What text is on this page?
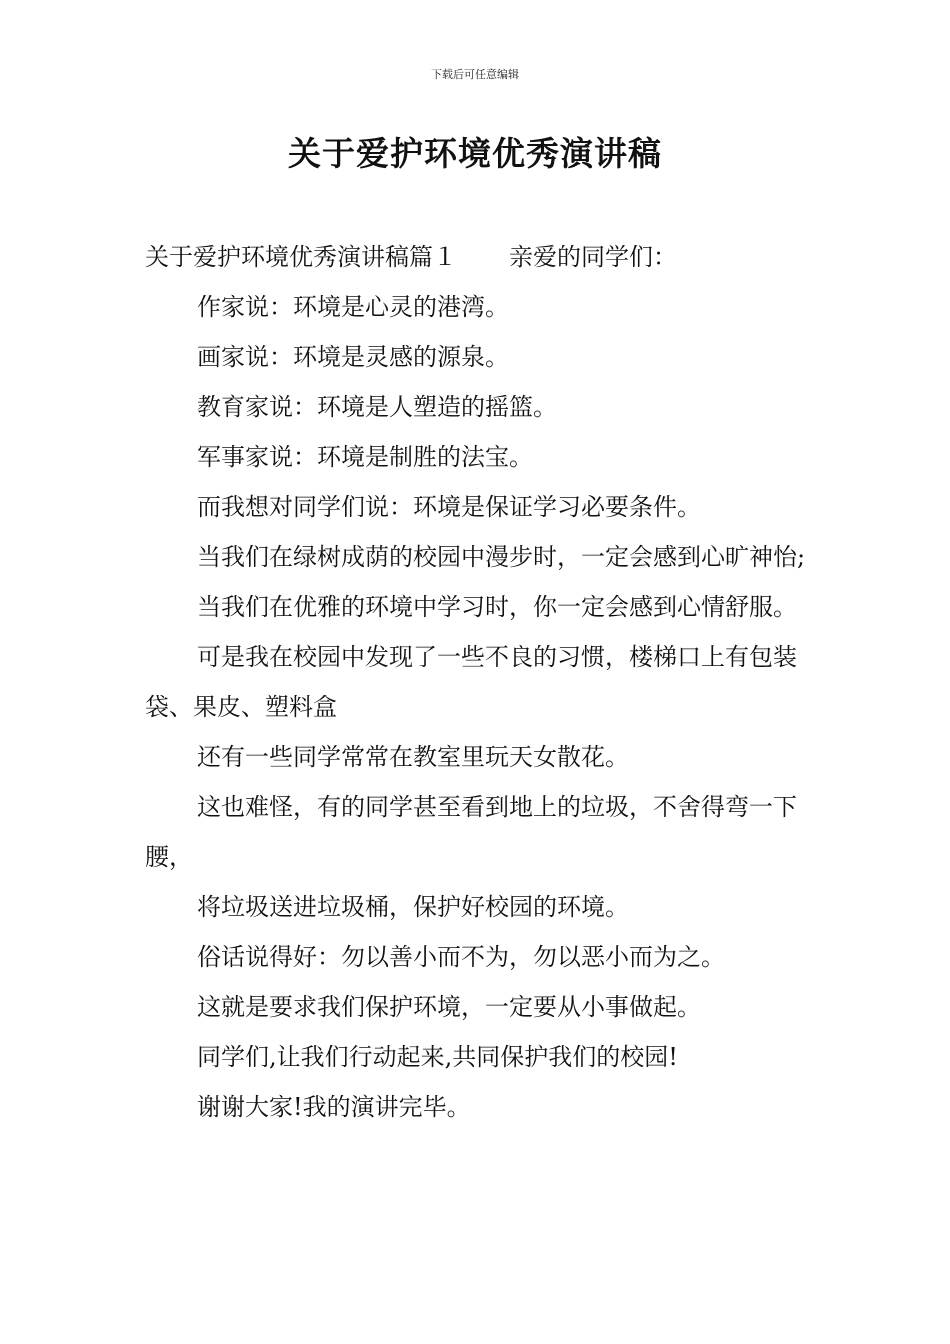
下载后可任意编辑
关于爱护环境优秀演讲稿

关于爱护环境优秀演讲稿篇１ 亲爱的同学们：

作家说：环境是心灵的港湾。

画家说：环境是灵感的源泉。

教育家说：环境是人塑造的摇篮。

军事家说：环境是制胜的法宝。

而我想对同学们说：环境是保证学习必要条件。

当我们在绿树成荫的校园中漫步时，一定会感到心旷神怡;

当我们在优雅的环境中学习时，你一定会感到心情舒服。

可是我在校园中发现了一些不良的习惯，楼梯口上有包装袋、果皮、塑料盒

还有一些同学常常在教室里玩天女散花。

这也难怪，有的同学甚至看到地上的垃圾，不舍得弯一下腰，

将垃圾送进垃圾桶，保护好校园的环境。

俗话说得好：勿以善小而不为，勿以恶小而为之。

这就是要求我们保护环境，一定要从小事做起。

同学们,让我们行动起来,共同保护我们的校园!

谢谢大家!我的演讲完毕。
